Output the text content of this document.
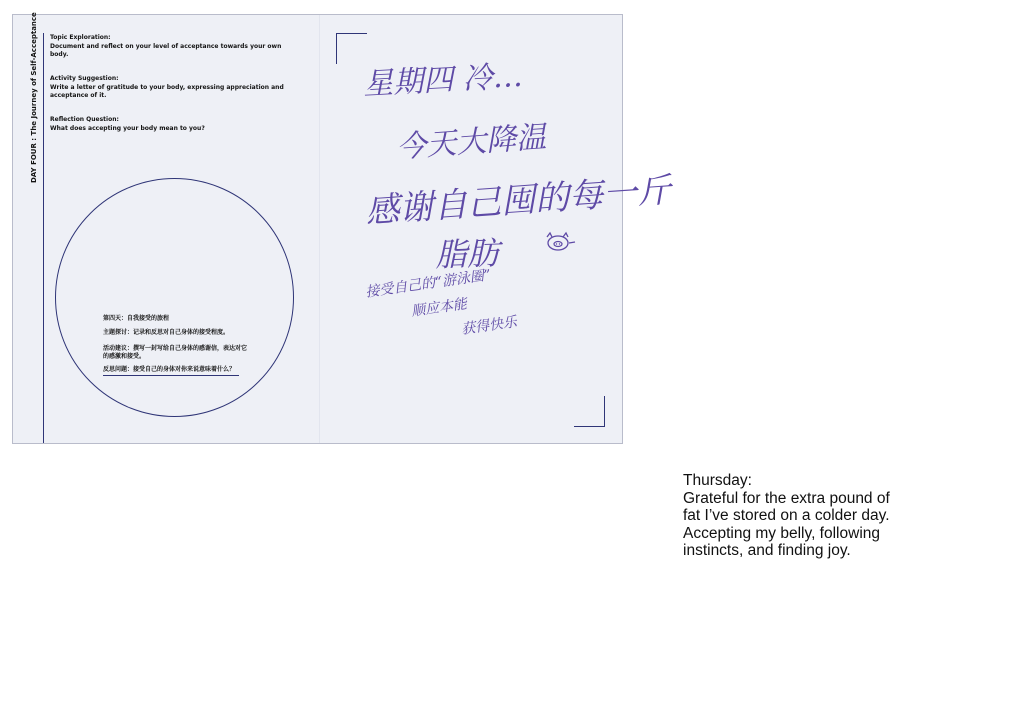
DAY FOUR : The Journey of Self-Acceptance Topic Exploration:
Document and reflect on your level of acceptance towards your own body.
Activity Suggestion:
Write a letter of gratitude to your body, expressing appreciation and acceptance of it.
Reflection Question:
What does accepting your body mean to you?
第四天：自我接受的旅程
主题探讨：记录和反思对自己身体的接受程度。
活动建议：撰写一封写给自己身体的感谢信，表达对它的感激和接受。
反思问题：接受自己的身体对你来说意味着什么？
星期四 冷…
今天大降温
感谢自己囤的每一斤
脂肪
接受自己的“游泳圈”
顺应本能
获得快乐
Thursday:
Grateful for the extra pound of
fat I’ve stored on a colder day.
Accepting my belly, following
instincts, and finding joy.
